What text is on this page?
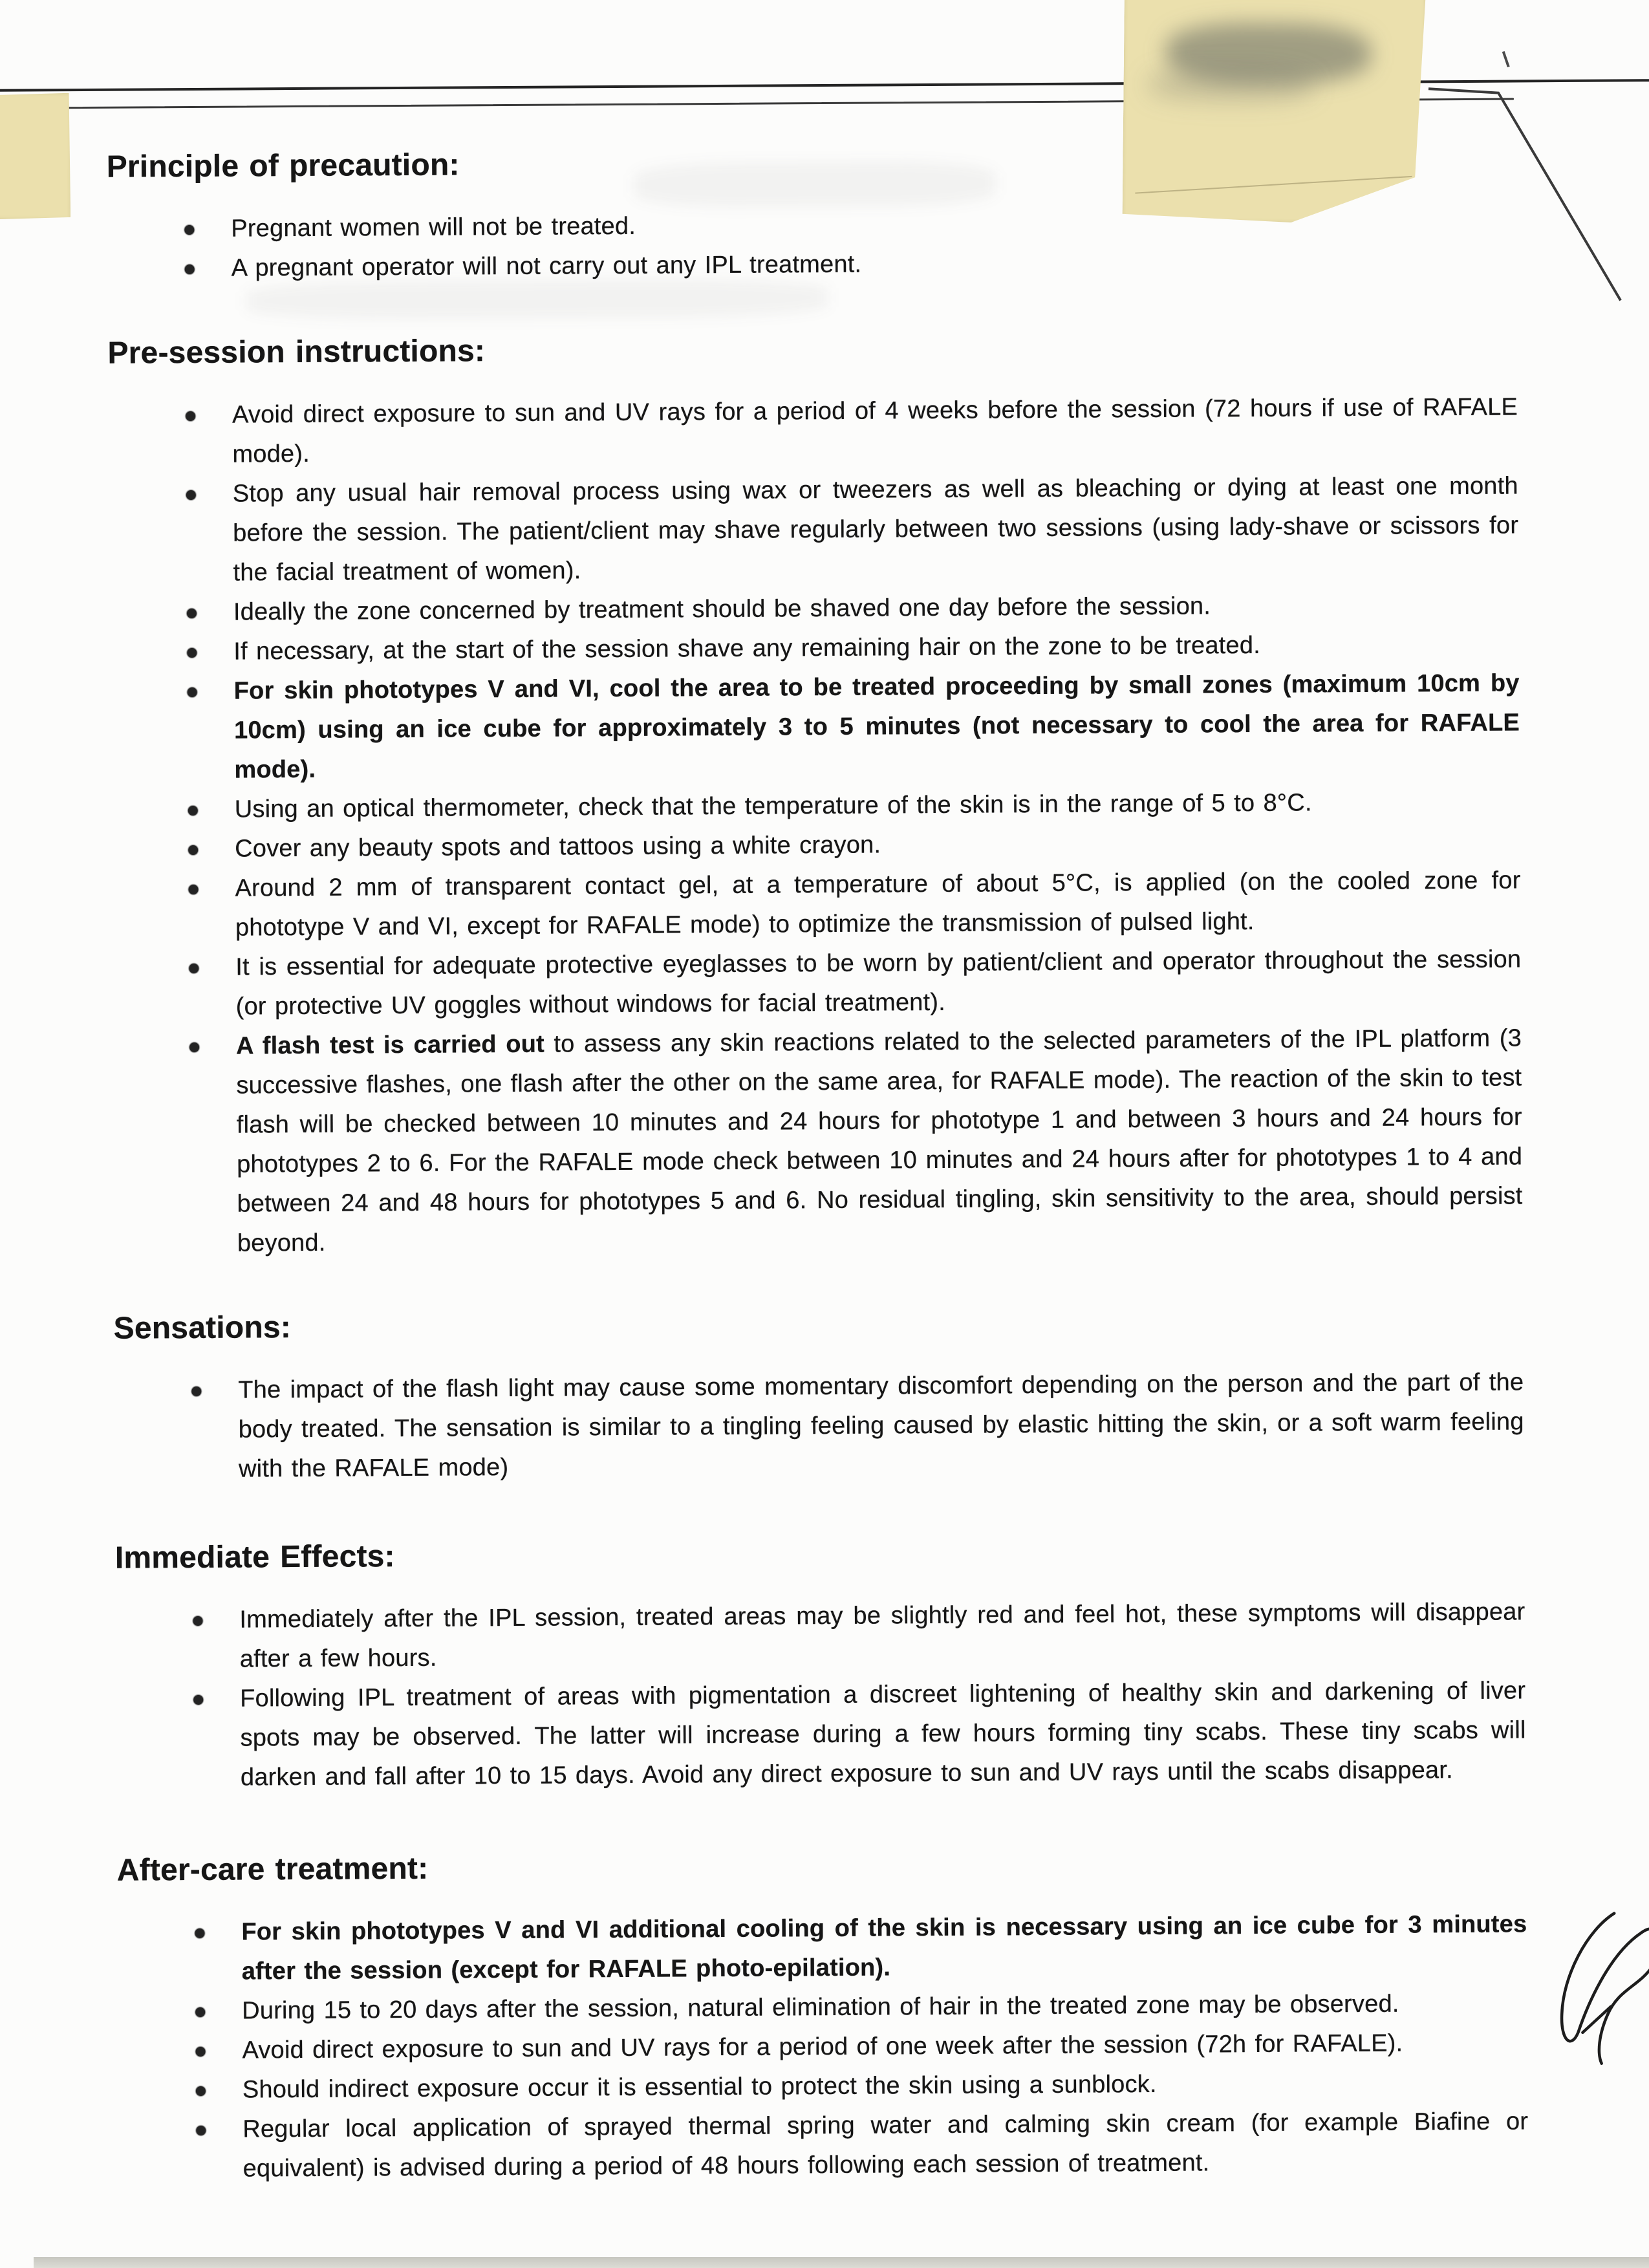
Principle of precaution:
Pregnant women will not be treated.
A pregnant operator will not carry out any IPL treatment.
Pre-session instructions:
Avoid direct exposure to sun and UV rays for a period of 4 weeks before the session (72 hours if use of RAFALE mode).
Stop any usual hair removal process using wax or tweezers as well as bleaching or dying at least one month before the session. The patient/client may shave regularly between two sessions (using lady-shave or scissors for the facial treatment of women).
Ideally the zone concerned by treatment should be shaved one day before the session.
If necessary, at the start of the session shave any remaining hair on the zone to be treated.
For skin phototypes V and VI, cool the area to be treated proceeding by small zones (maximum 10cm by 10cm) using an ice cube for approximately 3 to 5 minutes (not necessary to cool the area for RAFALE mode).
Using an optical thermometer, check that the temperature of the skin is in the range of 5 to 8°C.
Cover any beauty spots and tattoos using a white crayon.
Around 2 mm of transparent contact gel, at a temperature of about 5°C, is applied (on the cooled zone for phototype V and VI, except for RAFALE mode) to optimize the transmission of pulsed light.
It is essential for adequate protective eyeglasses to be worn by patient/client and operator throughout the session (or protective UV goggles without windows for facial treatment).
A flash test is carried out to assess any skin reactions related to the selected parameters of the IPL platform (3 successive flashes, one flash after the other on the same area, for RAFALE mode). The reaction of the skin to test flash will be checked between 10 minutes and 24 hours for phototype 1 and between 3 hours and 24 hours for phototypes 2 to 6. For the RAFALE mode check between 10 minutes and 24 hours after for phototypes 1 to 4 and between 24 and 48 hours for phototypes 5 and 6. No residual tingling, skin sensitivity to the area, should persist beyond.
Sensations:
The impact of the flash light may cause some momentary discomfort depending on the person and the part of the body treated. The sensation is similar to a tingling feeling caused by elastic hitting the skin, or a soft warm feeling with the RAFALE mode)
Immediate Effects:
Immediately after the IPL session, treated areas may be slightly red and feel hot, these symptoms will disappear after a few hours.
Following IPL treatment of areas with pigmentation a discreet lightening of healthy skin and darkening of liver spots may be observed. The latter will increase during a few hours forming tiny scabs. These tiny scabs will darken and fall after 10 to 15 days. Avoid any direct exposure to sun and UV rays until the scabs disappear.
After-care treatment:
For skin phototypes V and VI additional cooling of the skin is necessary using an ice cube for 3 minutes after the session (except for RAFALE photo-epilation).
During 15 to 20 days after the session, natural elimination of hair in the treated zone may be observed.
Avoid direct exposure to sun and UV rays for a period of one week after the session (72h for RAFALE).
Should indirect exposure occur it is essential to protect the skin using a sunblock.
Regular local application of sprayed thermal spring water and calming skin cream (for example Biafine or equivalent) is advised during a period of 48 hours following each session of treatment.
